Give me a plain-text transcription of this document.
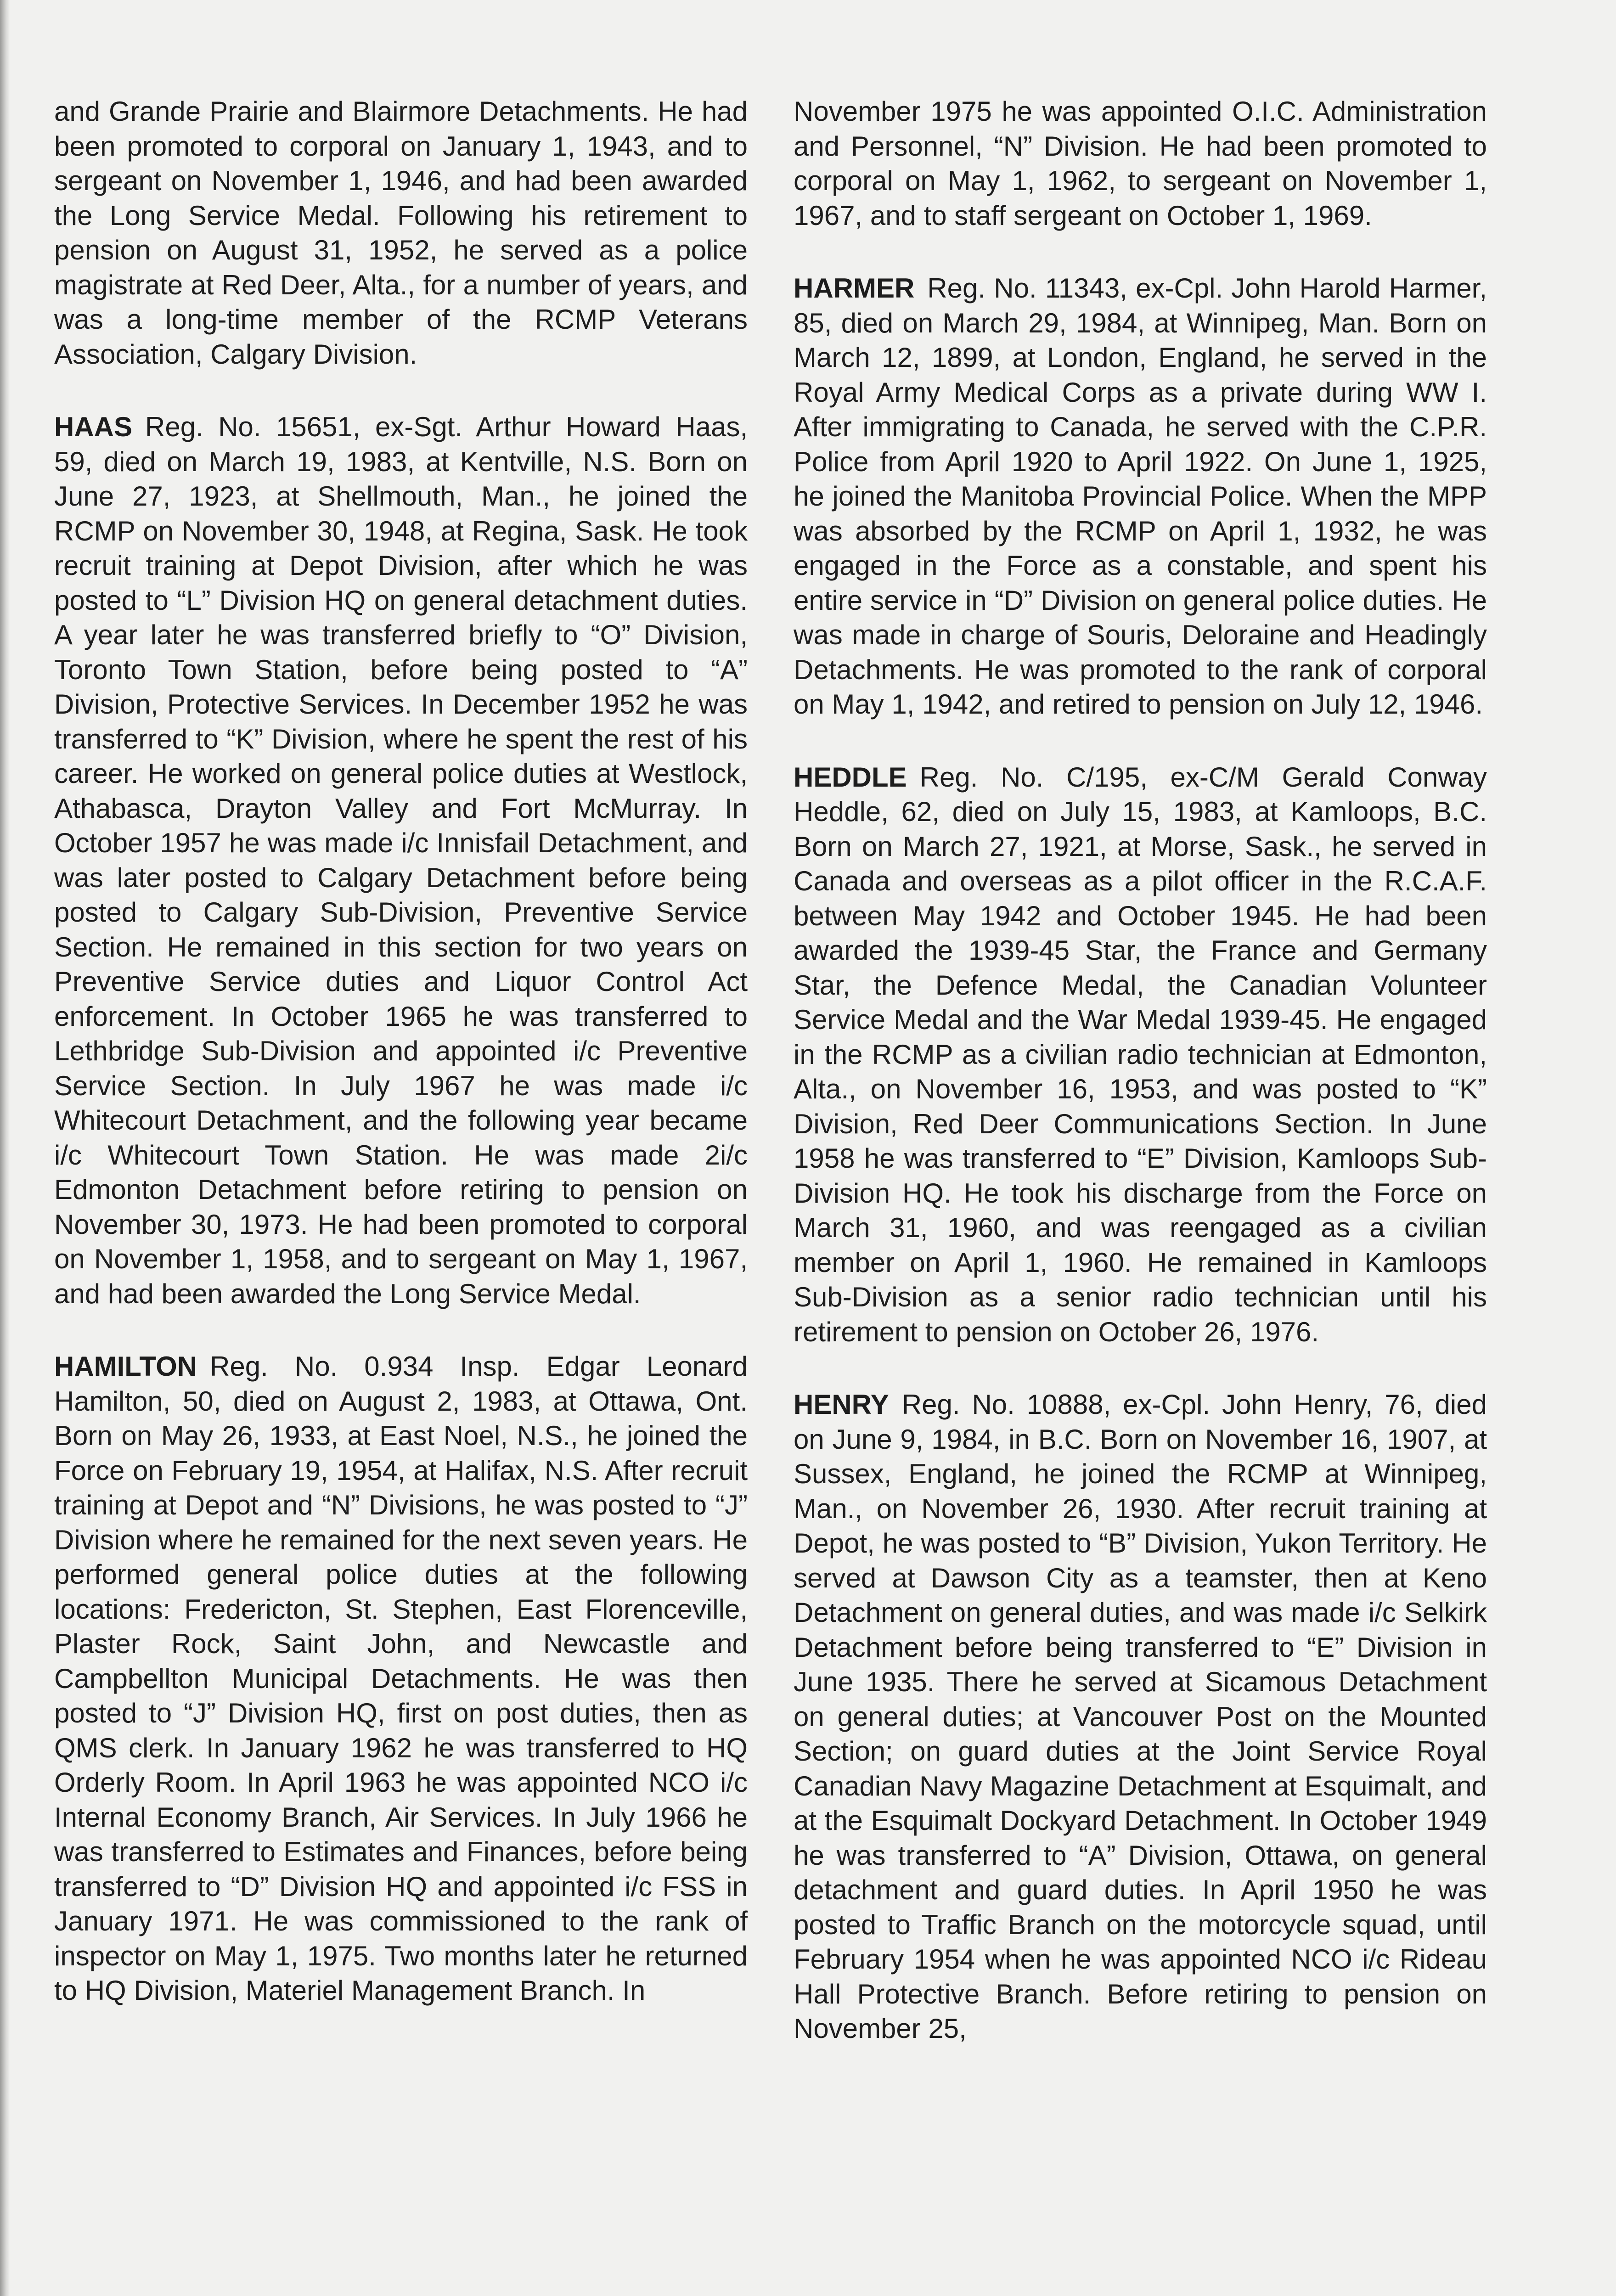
and Grande Prairie and Blairmore Detachments. He had been promoted to corporal on January 1, 1943, and to sergeant on November 1, 1946, and had been awarded the Long Service Medal. Following his retirement to pension on August 31, 1952, he served as a police magistrate at Red Deer, Alta., for a number of years, and was a long-time member of the RCMP Veterans Association, Calgary Division.

HAAS Reg. No. 15651, ex-Sgt. Arthur Howard Haas, 59, died on March 19, 1983, at Kentville, N.S. Born on June 27, 1923, at Shellmouth, Man., he joined the RCMP on November 30, 1948, at Regina, Sask. He took recruit training at Depot Division, after which he was posted to “L” Division HQ on general detachment duties. A year later he was transferred briefly to “O” Division, Toronto Town Station, before being posted to “A” Division, Protective Services. In December 1952 he was transferred to “K” Division, where he spent the rest of his career. He worked on general police duties at Westlock, Athabasca, Drayton Valley and Fort McMurray. In October 1957 he was made i/c Innisfail Detachment, and was later posted to Calgary Detachment before being posted to Calgary Sub-Division, Preventive Service Section. He remained in this section for two years on Preventive Service duties and Liquor Control Act enforcement. In October 1965 he was transferred to Lethbridge Sub-Division and appointed i/c Preventive Service Section. In July 1967 he was made i/c Whitecourt Detachment, and the following year became i/c Whitecourt Town Station. He was made 2i/c Edmonton Detachment before retiring to pension on November 30, 1973. He had been promoted to corporal on November 1, 1958, and to sergeant on May 1, 1967, and had been awarded the Long Service Medal.

HAMILTON Reg. No. 0.934 Insp. Edgar Leonard Hamilton, 50, died on August 2, 1983, at Ottawa, Ont. Born on May 26, 1933, at East Noel, N.S., he joined the Force on February 19, 1954, at Halifax, N.S. After recruit training at Depot and “N” Divisions, he was posted to “J” Division where he remained for the next seven years. He performed general police duties at the following locations: Fredericton, St. Stephen, East Florenceville, Plaster Rock, Saint John, and Newcastle and Campbellton Municipal Detachments. He was then posted to “J” Division HQ, first on post duties, then as QMS clerk. In January 1962 he was transferred to HQ Orderly Room. In April 1963 he was appointed NCO i/c Internal Economy Branch, Air Services. In July 1966 he was transferred to Estimates and Finances, before being transferred to “D” Division HQ and appointed i/c FSS in January 1971. He was commissioned to the rank of inspector on May 1, 1975. Two months later he returned to HQ Division, Materiel Management Branch. In

November 1975 he was appointed O.I.C. Administration and Personnel, “N” Division. He had been promoted to corporal on May 1, 1962, to sergeant on November 1, 1967, and to staff sergeant on October 1, 1969.

HARMER Reg. No. 11343, ex-Cpl. John Harold Harmer, 85, died on March 29, 1984, at Winnipeg, Man. Born on March 12, 1899, at London, England, he served in the Royal Army Medical Corps as a private during WW I. After immigrating to Canada, he served with the C.P.R. Police from April 1920 to April 1922. On June 1, 1925, he joined the Manitoba Provincial Police. When the MPP was absorbed by the RCMP on April 1, 1932, he was engaged in the Force as a constable, and spent his entire service in “D” Division on general police duties. He was made in charge of Souris, Deloraine and Headingly Detachments. He was promoted to the rank of corporal on May 1, 1942, and retired to pension on July 12, 1946.

HEDDLE Reg. No. C/195, ex-C/M Gerald Conway Heddle, 62, died on July 15, 1983, at Kamloops, B.C. Born on March 27, 1921, at Morse, Sask., he served in Canada and overseas as a pilot officer in the R.C.A.F. between May 1942 and October 1945. He had been awarded the 1939-45 Star, the France and Germany Star, the Defence Medal, the Canadian Volunteer Service Medal and the War Medal 1939-45. He engaged in the RCMP as a civilian radio technician at Edmonton, Alta., on November 16, 1953, and was posted to “K” Division, Red Deer Communications Section. In June 1958 he was transferred to “E” Division, Kamloops Sub-Division HQ. He took his discharge from the Force on March 31, 1960, and was reengaged as a civilian member on April 1, 1960. He remained in Kamloops Sub-Division as a senior radio technician until his retirement to pension on October 26, 1976.

HENRY Reg. No. 10888, ex-Cpl. John Henry, 76, died on June 9, 1984, in B.C. Born on November 16, 1907, at Sussex, England, he joined the RCMP at Winnipeg, Man., on November 26, 1930. After recruit training at Depot, he was posted to “B” Division, Yukon Territory. He served at Dawson City as a teamster, then at Keno Detachment on general duties, and was made i/c Selkirk Detachment before being transferred to “E” Division in June 1935. There he served at Sicamous Detachment on general duties; at Vancouver Post on the Mounted Section; on guard duties at the Joint Service Royal Canadian Navy Magazine Detachment at Esquimalt, and at the Esquimalt Dockyard Detachment. In October 1949 he was transferred to “A” Division, Ottawa, on general detachment and guard duties. In April 1950 he was posted to Traffic Branch on the motorcycle squad, until February 1954 when he was appointed NCO i/c Rideau Hall Protective Branch. Before retiring to pension on November 25,
